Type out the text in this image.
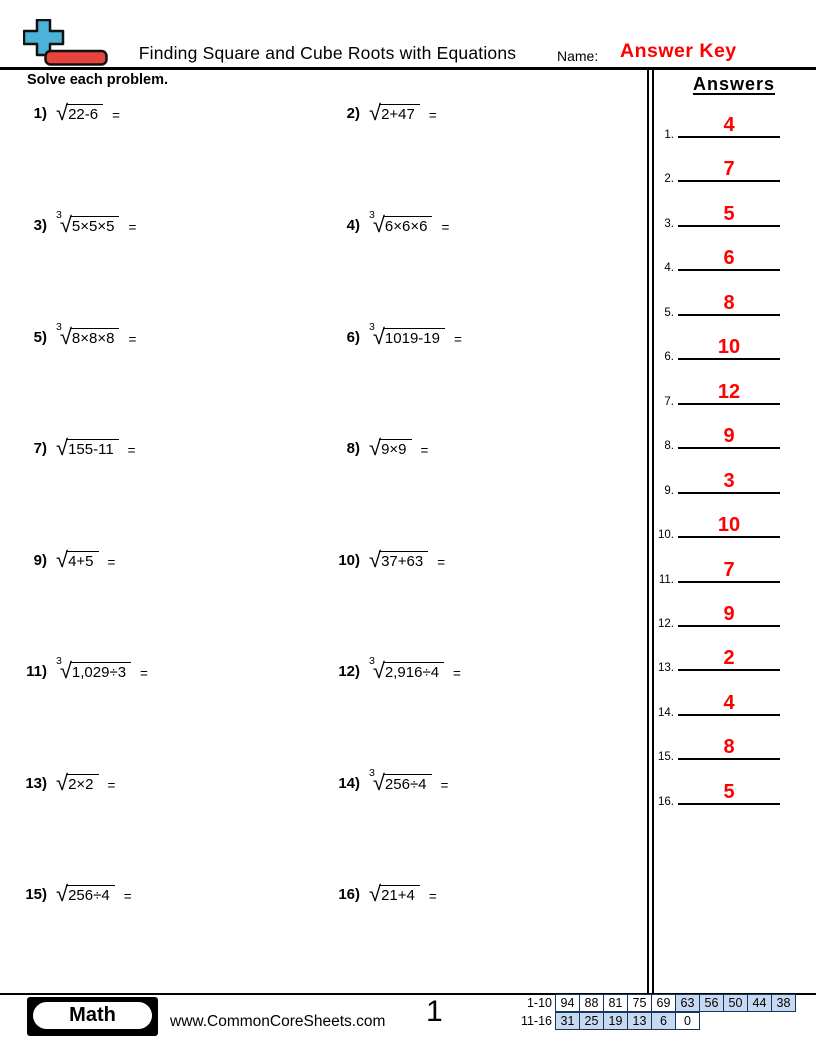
Finding Square and Cube Roots with Equations	Name: Answer Key
Solve each problem.
1) √ 22-6	=	2) √ 2+47	=
3)
3
√ 5×5×5	=	4)
3
√ 6×6×6	=
5)
3
√ 8×8×8	=	6)
3
√ 1019-19	=
7) √ 155-11	=	8) √ 9×9	=
9) √ 4+5	=	10) √ 37+63	=
11)
3
√ 1,029÷3	=	12)
3
√ 2,916÷4	=
13) √ 2×2	=	14)
3
√ 256÷4	=
15) √ 256÷4	=	16) √ 21+4	=
Answers
1.	4
2.	7
3.	5
4.	6
5.	8
6.	10
7.	12
8.	9
9.	3
10.	10
11.	7
12.	9
13.	2
14.	4
15.	8
16.	5
Math	www.CommonCoreSheets.com 1	1-10 94 88 81 75 69 63 56 50 44 38
11-16 31 25 19 13	6	0
